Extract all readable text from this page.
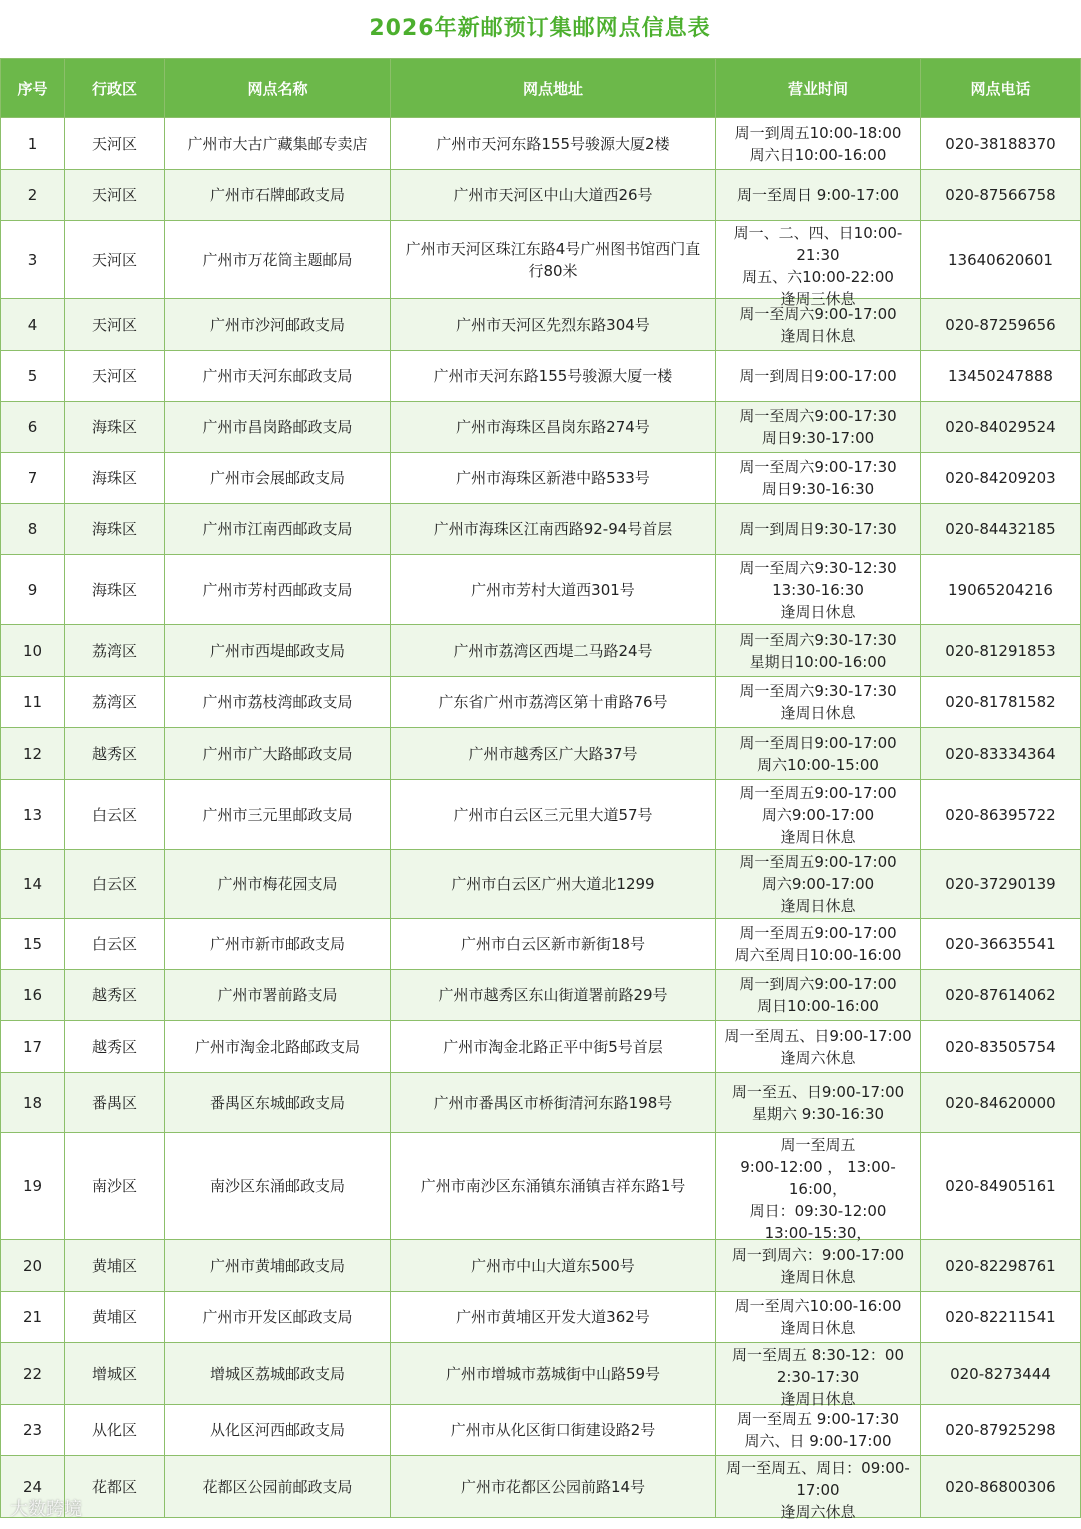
2026年新邮预订集邮网点信息表
序号	行政区	网点名称	网点地址	营业时间	网点电话
1	天河区	广州市大古广藏集邮专卖店	广州市天河东路155号骏源大厦2楼	周一到周五10:00-18:00
周六日10:00-16:00	020-38188370
2	天河区	广州市石牌邮政支局	广州市天河区中山大道西26号	周一至周日 9:00-17:00	020-87566758
3	天河区	广州市万花筒主题邮局	广州市天河区珠江东路4号广州图书馆西门直
行80米	周一、二、四、日10:00-
21:30
周五、六10:00-22:00
逢周三休息	13640620601
4	天河区	广州市沙河邮政支局	广州市天河区先烈东路304号	周一至周六9:00-17:00
逢周日休息	020-87259656
5	天河区	广州市天河东邮政支局	广州市天河东路155号骏源大厦一楼	周一到周日9:00-17:00	13450247888
6	海珠区	广州市昌岗路邮政支局	广州市海珠区昌岗东路274号	周一至周六9:00-17:30
周日9:30-17:00	020-84029524
7	海珠区	广州市会展邮政支局	广州市海珠区新港中路533号	周一至周六9:00-17:30
周日9:30-16:30	020-84209203
8	海珠区	广州市江南西邮政支局	广州市海珠区江南西路92-94号首层	周一到周日9:30-17:30	020-84432185
9	海珠区	广州市芳村西邮政支局	广州市芳村大道西301号	周一至周六9:30-12:30
13:30-16:30
逢周日休息	19065204216
10	荔湾区	广州市西堤邮政支局	广州市荔湾区西堤二马路24号	周一至周六9:30-17:30
星期日10:00-16:00	020-81291853
11	荔湾区	广州市荔枝湾邮政支局	广东省广州市荔湾区第十甫路76号	周一至周六9:30-17:30
逢周日休息	020-81781582
12	越秀区	广州市广大路邮政支局	广州市越秀区广大路37号	周一至周日9:00-17:00
周六10:00-15:00	020-83334364
13	白云区	广州市三元里邮政支局	广州市白云区三元里大道57号	周一至周五9:00-17:00
周六9:00-17:00
逢周日休息	020-86395722
14	白云区	广州市梅花园支局	广州市白云区广州大道北1299	周一至周五9:00-17:00
周六9:00-17:00
逢周日休息	020-37290139
15	白云区	广州市新市邮政支局	广州市白云区新市新街18号	周一至周五9:00-17:00
周六至周日10:00-16:00	020-36635541
16	越秀区	广州市署前路支局	广州市越秀区东山街道署前路29号	周一到周六9:00-17:00
周日10:00-16:00	020-87614062
17	越秀区	广州市淘金北路邮政支局	广州市淘金北路正平中街5号首层	周一至周五、日9:00-17:00
逢周六休息	020-83505754
18	番禺区	番禺区东城邮政支局	广州市番禺区市桥街清河东路198号	周一至五、日9:00-17:00
星期六 9:30-16:30	020-84620000
19	南沙区	南沙区东涌邮政支局	广州市南沙区东涌镇东涌镇吉祥东路1号	周一至周五
9:00-12:00 ， 13:00-
16:00，
周日：09:30-12:00
13:00-15:30，	020-84905161
20	黄埔区	广州市黄埔邮政支局	广州市中山大道东500号	周一到周六：9:00-17:00
逢周日休息	020-82298761
21	黄埔区	广州市开发区邮政支局	广州市黄埔区开发大道362号	周一至周六10:00-16:00
逢周日休息	020-82211541
22	增城区	增城区荔城邮政支局	广州市增城市荔城街中山路59号	周一至周五 8:30-12：00
2:30-17:30
逢周日休息	020-8273444
23	从化区	从化区河西邮政支局	广州市从化区街口街建设路2号	周一至周五 9:00-17:30
周六、日 9:00-17:00	020-87925298
24	花都区	花都区公园前邮政支局	广州市花都区公园前路14号	周一至周五、周日：09:00-
17:00
逢周六休息	020-86800306
大数跨境
